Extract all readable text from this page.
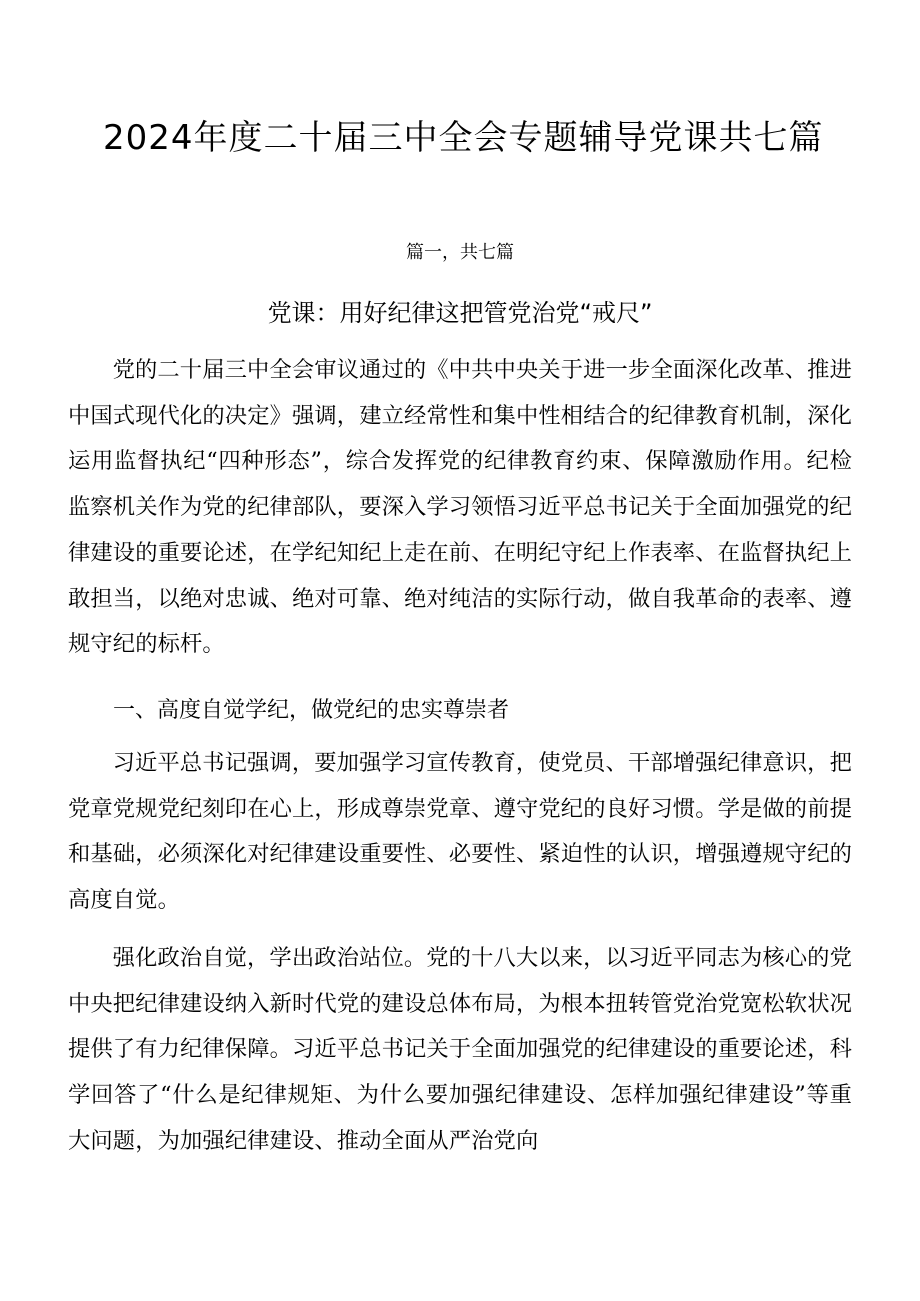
2024年度二十届三中全会专题辅导党课共七篇
篇一，共七篇
党课：用好纪律这把管党治党“戒尺”

党的二十届三中全会审议通过的《中共中央关于进一步全面深化改革、推进中国式现代化的决定》强调，建立经常性和集中性相结合的纪律教育机制，深化运用监督执纪“四种形态”，综合发挥党的纪律教育约束、保障激励作用。纪检监察机关作为党的纪律部队，要深入学习领悟习近平总书记关于全面加强党的纪律建设的重要论述，在学纪知纪上走在前、在明纪守纪上作表率、在监督执纪上敢担当，以绝对忠诚、绝对可靠、绝对纯洁的实际行动，做自我革命的表率、遵规守纪的标杆。

一、高度自觉学纪，做党纪的忠实尊崇者

习近平总书记强调，要加强学习宣传教育，使党员、干部增强纪律意识，把党章党规党纪刻印在心上，形成尊崇党章、遵守党纪的良好习惯。学是做的前提和基础，必须深化对纪律建设重要性、必要性、紧迫性的认识，增强遵规守纪的高度自觉。

强化政治自觉，学出政治站位。党的十八大以来，以习近平同志为核心的党中央把纪律建设纳入新时代党的建设总体布局，为根本扭转管党治党宽松软状况提供了有力纪律保障。习近平总书记关于全面加强党的纪律建设的重要论述，科学回答了“什么是纪律规矩、为什么要加强纪律建设、怎样加强纪律建设”等重大问题，为加强纪律建设、推动全面从严治党向
